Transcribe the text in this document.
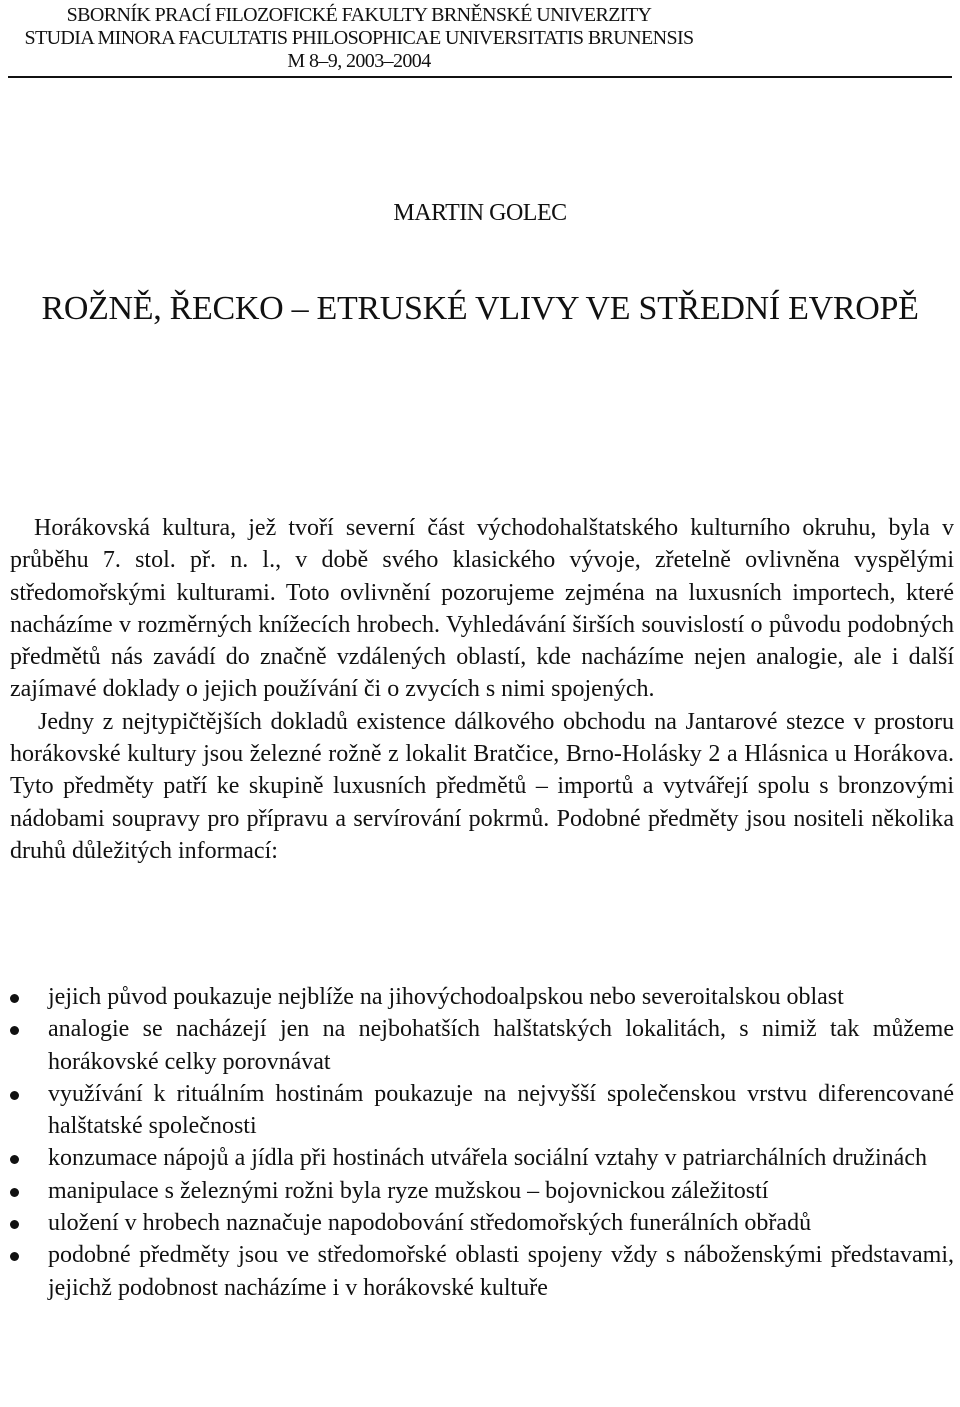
SBORNÍK PRACÍ FILOZOFICKÉ FAKULTY BRNĚNSKÉ UNIVERZITY
STUDIA MINORA FACULTATIS PHILOSOPHICAE UNIVERSITATIS BRUNENSIS
M 8–9, 2003–2004
MARTIN GOLEC
ROŽNĚ, ŘECKO – ETRUSKÉ VLIVY VE STŘEDNÍ EVROPĚ

Horákovská kultura, jež tvoří severní část východohalštatského kulturního okruhu, byla v průběhu 7. stol. př. n. l., v době svého klasického vývoje, zřetelně ovlivněna vyspělými středomořskými kulturami. Toto ovlivnění pozorujeme zejména na luxusních importech, které nacházíme v rozměrných knížecích hrobech. Vyhledávání širších souvislostí o původu podobných předmětů nás zavádí do značně vzdálených oblastí, kde nacházíme nejen analogie, ale i další zajímavé doklady o jejich používání či o zvycích s nimi spojených.

Jedny z nejtypičtějších dokladů existence dálkového obchodu na Jantarové stezce v prostoru horákovské kultury jsou železné rožně z lokalit Bratčice, Brno-Holásky 2 a Hlásnica u Horákova. Tyto předměty patří ke skupině luxusních předmětů – importů a vytvářejí spolu s bronzovými nádobami soupravy pro přípravu a servírování pokrmů. Podobné předměty jsou nositeli několika druhů důležitých informací:

jejich původ poukazuje nejblíže na jihovýchodoalpskou nebo severoitalskou oblast
analogie se nacházejí jen na nejbohatších halštatských lokalitách, s nimiž tak můžeme horákovské celky porovnávat
využívání k rituálním hostinám poukazuje na nejvyšší společenskou vrstvu diferencované halštatské společnosti
konzumace nápojů a jídla při hostinách utvářela sociální vztahy v patriarchálních družinách
manipulace s železnými rožni byla ryze mužskou – bojovnickou záležitostí
uložení v hrobech naznačuje napodobování středomořských funerálních obřadů
podobné předměty jsou ve středomořské oblasti spojeny vždy s náboženskými představami, jejichž podobnost nacházíme i v horákovské kultuře
